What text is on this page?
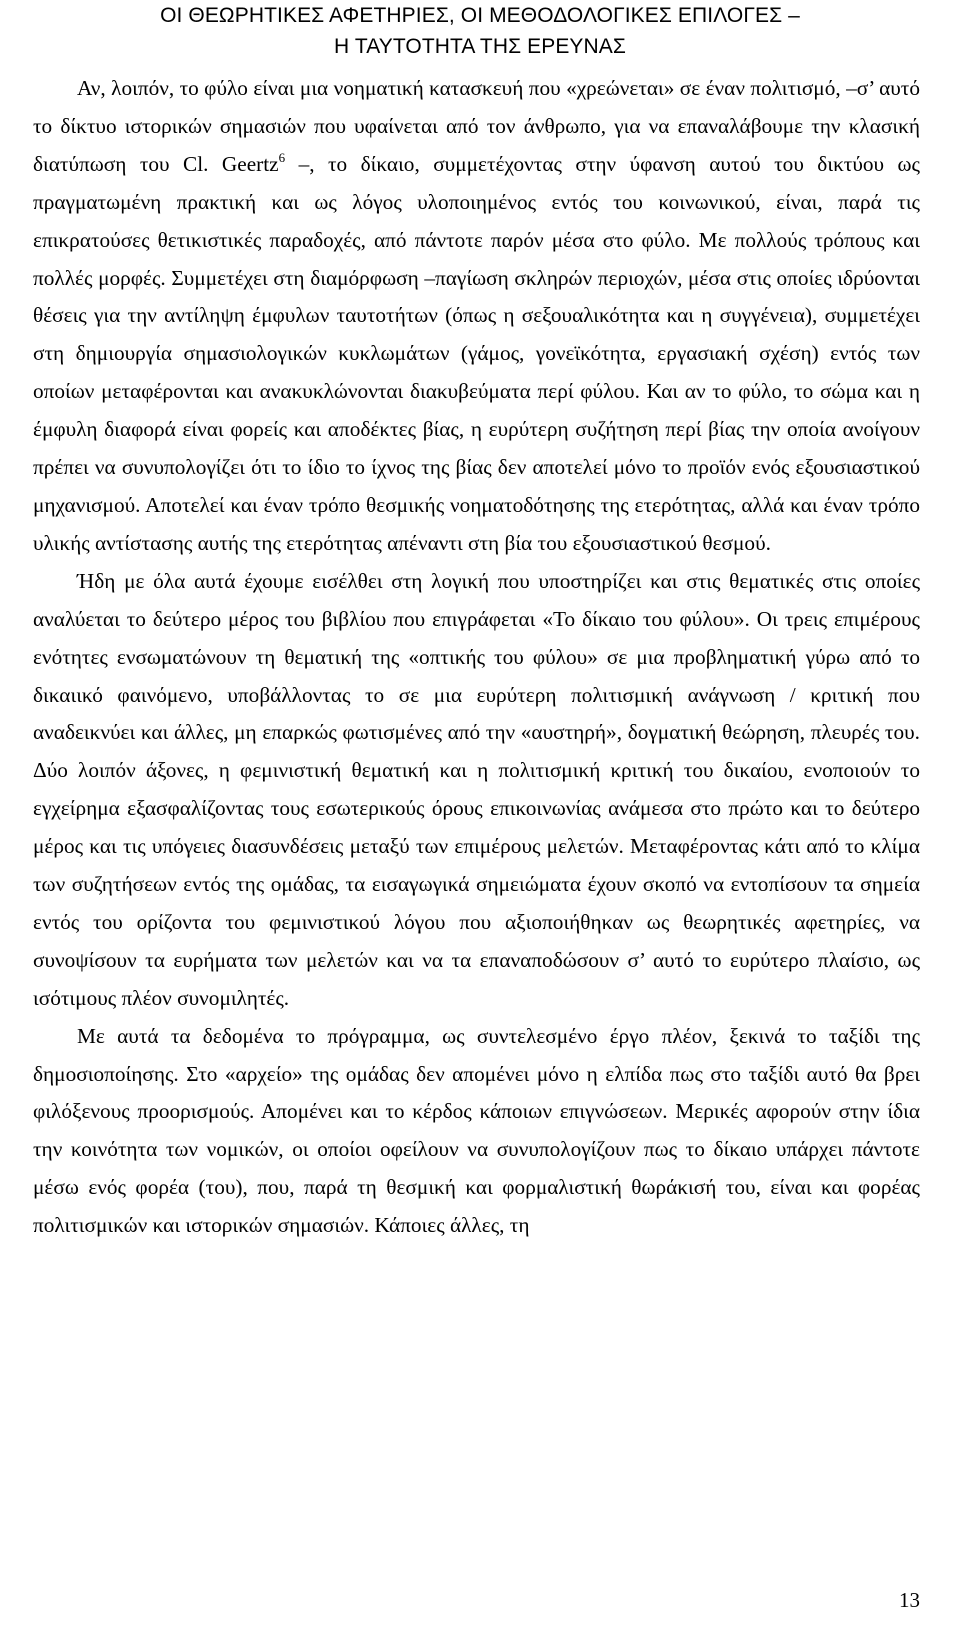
ΟΙ ΘΕΩΡΗΤΙΚΕΣ ΑΦΕΤΗΡΙΕΣ, ΟΙ ΜΕΘΟΔΟΛΟΓΙΚΕΣ ΕΠΙΛΟΓΕΣ –
Η ΤΑΥΤΟΤΗΤΑ ΤΗΣ ΕΡΕΥΝΑΣ

Αν, λοιπόν, το φύλο είναι μια νοηματική κατασκευή που «χρεώνεται» σε έναν πολιτισμό, –σ’ αυτό το δίκτυο ιστορικών σημασιών που υφαίνεται από τον άνθρωπο, για να επαναλάβουμε την κλασική διατύπωση του Cl. Geertz$^6$ –, το δίκαιο, συμμετέχοντας στην ύφανση αυτού του δικτύου ως πραγματωμένη πρακτική και ως λόγος υλοποιημένος εντός του κοινωνικού, είναι, παρά τις επικρατούσες θετικιστικές παραδοχές, από πάντοτε παρόν μέσα στο φύλο. Με πολλούς τρόπους και πολλές μορφές. Συμμετέχει στη διαμόρφωση –παγίωση σκληρών περιοχών, μέσα στις οποίες ιδρύονται θέσεις για την αντίληψη έμφυλων ταυτοτήτων (όπως η σεξουαλικότητα και η συγγένεια), συμμετέχει στη δημιουργία σημασιολογικών κυκλωμάτων (γάμος, γονεϊκότητα, εργασιακή σχέση) εντός των οποίων μεταφέρονται και ανακυκλώνονται διακυβεύματα περί φύλου. Και αν το φύλο, το σώμα και η έμφυλη διαφορά είναι φορείς και αποδέκτες βίας, η ευρύτερη συζήτηση περί βίας την οποία ανοίγουν πρέπει να συνυπολογίζει ότι το ίδιο το ίχνος της βίας δεν αποτελεί μόνο το προϊόν ενός εξουσιαστικού μηχανισμού. Αποτελεί και έναν τρόπο θεσμικής νοηματοδότησης της ετερότητας, αλλά και έναν τρόπο υλικής αντίστασης αυτής της ετερότητας απέναντι στη βία του εξουσιαστικού θεσμού.

Ήδη με όλα αυτά έχουμε εισέλθει στη λογική που υποστηρίζει και στις θεματικές στις οποίες αναλύεται το δεύτερο μέρος του βιβλίου που επιγράφεται «Το δίκαιο του φύλου». Οι τρεις επιμέρους ενότητες ενσωματώνουν τη θεματική της «οπτικής του φύλου» σε μια προβληματική γύρω από το δικαιικό φαινόμενο, υποβάλλοντας το σε μια ευρύτερη πολιτισμική ανάγνωση / κριτική που αναδεικνύει και άλλες, μη επαρκώς φωτισμένες από την «αυστηρή», δογματική θεώρηση, πλευρές του. Δύο λοιπόν άξονες, η φεμινιστική θεματική και η πολιτισμική κριτική του δικαίου, ενοποιούν το εγχείρημα εξασφαλίζοντας τους εσωτερικούς όρους επικοινωνίας ανάμεσα στο πρώτο και το δεύτερο μέρος και τις υπόγειες διασυνδέσεις μεταξύ των επιμέρους μελετών. Μεταφέροντας κάτι από το κλίμα των συζητήσεων εντός της ομάδας, τα εισαγωγικά σημειώματα έχουν σκοπό να εντοπίσουν τα σημεία εντός του ορίζοντα του φεμινιστικού λόγου που αξιοποιήθηκαν ως θεωρητικές αφετηρίες, να συνοψίσουν τα ευρήματα των μελετών και να τα επαναποδώσουν σ’ αυτό το ευρύτερο πλαίσιο, ως ισότιμους πλέον συνομιλητές.

Με αυτά τα δεδομένα το πρόγραμμα, ως συντελεσμένο έργο πλέον, ξεκινά το ταξίδι της δημοσιοποίησης. Στο «αρχείο» της ομάδας δεν απομένει μόνο η ελπίδα πως στο ταξίδι αυτό θα βρει φιλόξενους προορισμούς. Απομένει και το κέρδος κάποιων επιγνώσεων. Μερικές αφορούν στην ίδια την κοινότητα των νομικών, οι οποίοι οφείλουν να συνυπολογίζουν πως το δίκαιο υπάρχει πάντοτε μέσω ενός φορέα (του), που, παρά τη θεσμική και φορμαλιστική θωράκισή του, είναι και φορέας πολιτισμικών και ιστορικών σημασιών. Κάποιες άλλες, τη

13
